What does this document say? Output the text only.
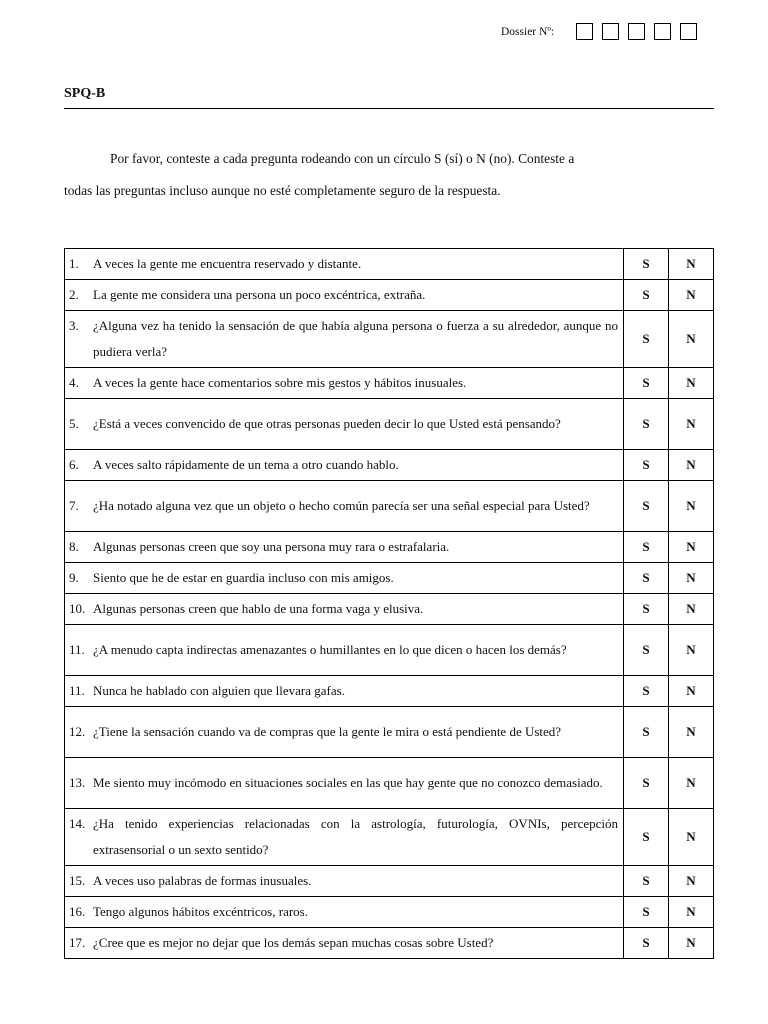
Dossier Nº:
SPQ-B

Por favor, conteste a cada pregunta rodeando con un círculo S (sí) o N (no). Conteste a
todas las preguntas incluso aunque no esté completamente seguro de la respuesta.

1. A veces la gente me encuentra reservado y distante.	S	N

2. La gente me considera una persona un poco excéntrica, extraña.	S	N

3. ¿Alguna vez ha tenido la sensación de que había alguna persona o fuerza a su alrededor, aunque no pudiera verla?	S	N

4. A veces la gente hace comentarios sobre mis gestos y hábitos inusuales.	S	N

5. ¿Está a veces convencido de que otras personas pueden decir lo que Usted está pensando?	S	N

6. A veces salto rápidamente de un tema a otro cuando hablo.	S	N

7. ¿Ha notado alguna vez que un objeto o hecho común parecía ser una señal especial para Usted?	S	N

8. Algunas personas creen que soy una persona muy rara o estrafalaria.	S	N

9. Siento que he de estar en guardia incluso con mis amigos.	S	N

10. Algunas personas creen que hablo de una forma vaga y elusiva.	S	N

11. ¿A menudo capta indirectas amenazantes o humillantes en lo que dicen o hacen los demás?	S	N

11. Nunca he hablado con alguien que llevara gafas.	S	N

12. ¿Tiene la sensación cuando va de compras que la gente le mira o está pendiente de Usted?	S	N

13. Me siento muy incómodo en situaciones sociales en las que hay gente que no conozco demasiado.	S	N

14. ¿Ha tenido experiencias relacionadas con la astrología, futurología, OVNIs, percepción extrasensorial o un sexto sentido?	S	N

15. A veces uso palabras de formas inusuales.	S	N

16. Tengo algunos hábitos excéntricos, raros.	S	N

17. ¿Cree que es mejor no dejar que los demás sepan muchas cosas sobre Usted?	S	N
